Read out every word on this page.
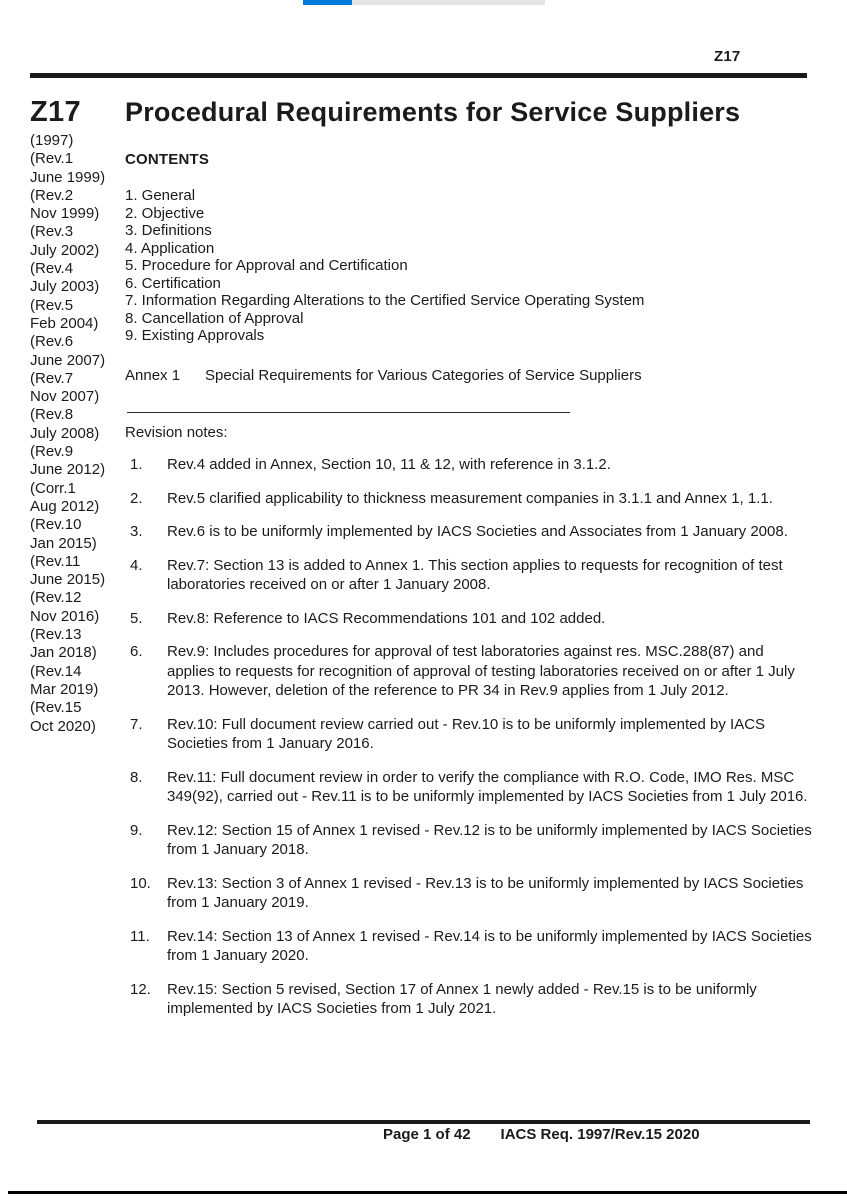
Z17
Z17 Procedural Requirements for Service Suppliers
(1997)
(Rev.1
June 1999)
(Rev.2
Nov 1999)
(Rev.3
July 2002)
(Rev.4
July 2003)
(Rev.5
Feb 2004)
(Rev.6
June 2007)
(Rev.7
Nov 2007)
(Rev.8
July 2008)
(Rev.9
June 2012)
(Corr.1
Aug 2012)
(Rev.10
Jan 2015)
(Rev.11
June 2015)
(Rev.12
Nov 2016)
(Rev.13
Jan 2018)
(Rev.14
Mar 2019)
(Rev.15
Oct 2020)
CONTENTS
1. General
2. Objective
3. Definitions
4. Application
5. Procedure for Approval and Certification
6. Certification
7. Information Regarding Alterations to the Certified Service Operating System
8. Cancellation of Approval
9. Existing Approvals
Annex 1 Special Requirements for Various Categories of Service Suppliers
Revision notes:
1.	Rev.4 added in Annex, Section 10, 11 & 12, with reference in 3.1.2.
2.	Rev.5 clarified applicability to thickness measurement companies in 3.1.1 and Annex 1, 1.1.
3.	Rev.6 is to be uniformly implemented by IACS Societies and Associates from 1 January 2008.
4.	Rev.7: Section 13 is added to Annex 1. This section applies to requests for recognition of test laboratories received on or after 1 January 2008.
5.	Rev.8: Reference to IACS Recommendations 101 and 102 added.
6.	Rev.9: Includes procedures for approval of test laboratories against res. MSC.288(87) and applies to requests for recognition of approval of testing laboratories received on or after 1 July 2013. However, deletion of the reference to PR 34 in Rev.9 applies from 1 July 2012.
7.	Rev.10: Full document review carried out - Rev.10 is to be uniformly implemented by IACS Societies from 1 January 2016.
8.	Rev.11: Full document review in order to verify the compliance with R.O. Code, IMO Res. MSC 349(92), carried out - Rev.11 is to be uniformly implemented by IACS Societies from 1 July 2016.
9.	Rev.12: Section 15 of Annex 1 revised - Rev.12 is to be uniformly implemented by IACS Societies from 1 January 2018.
10.	Rev.13: Section 3 of Annex 1 revised - Rev.13 is to be uniformly implemented by IACS Societies from 1 January 2019.
11.	Rev.14: Section 13 of Annex 1 revised - Rev.14 is to be uniformly implemented by IACS Societies from 1 January 2020.
12.	Rev.15: Section 5 revised, Section 17 of Annex 1 newly added - Rev.15 is to be uniformly implemented by IACS Societies from 1 July 2021.
Page 1 of 42 IACS Req. 1997/Rev.15 2020
